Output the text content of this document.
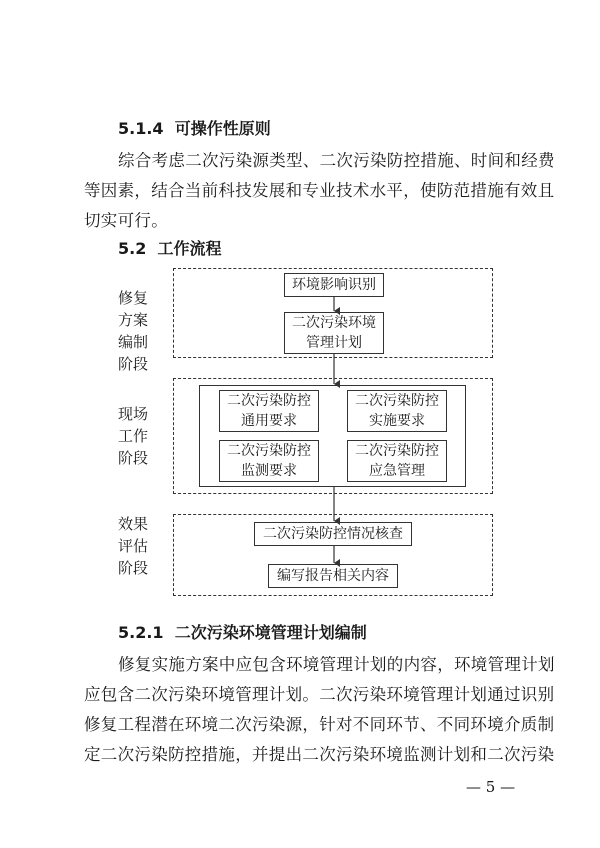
5.1.4 可操作性原则
综合考虑二次污染源类型、二次污染防控措施、时间和经费
等因素，结合当前科技发展和专业技术水平，使防范措施有效且
切实可行。
5.2 工作流程
修复方案编制阶段
现场工作阶段
效果评估阶段
环境影响识别
二次污染环境
管理计划
二次污染防控
通用要求
二次污染防控
实施要求
二次污染防控
监测要求
二次污染防控
应急管理
二次污染防控情况核查
编写报告相关内容
5.2.1 二次污染环境管理计划编制
修复实施方案中应包含环境管理计划的内容，环境管理计划
应包含二次污染环境管理计划。二次污染环境管理计划通过识别
修复工程潜在环境二次污染源，针对不同环节、不同环境介质制
定二次污染防控措施，并提出二次污染环境监测计划和二次污染
— 5 —
